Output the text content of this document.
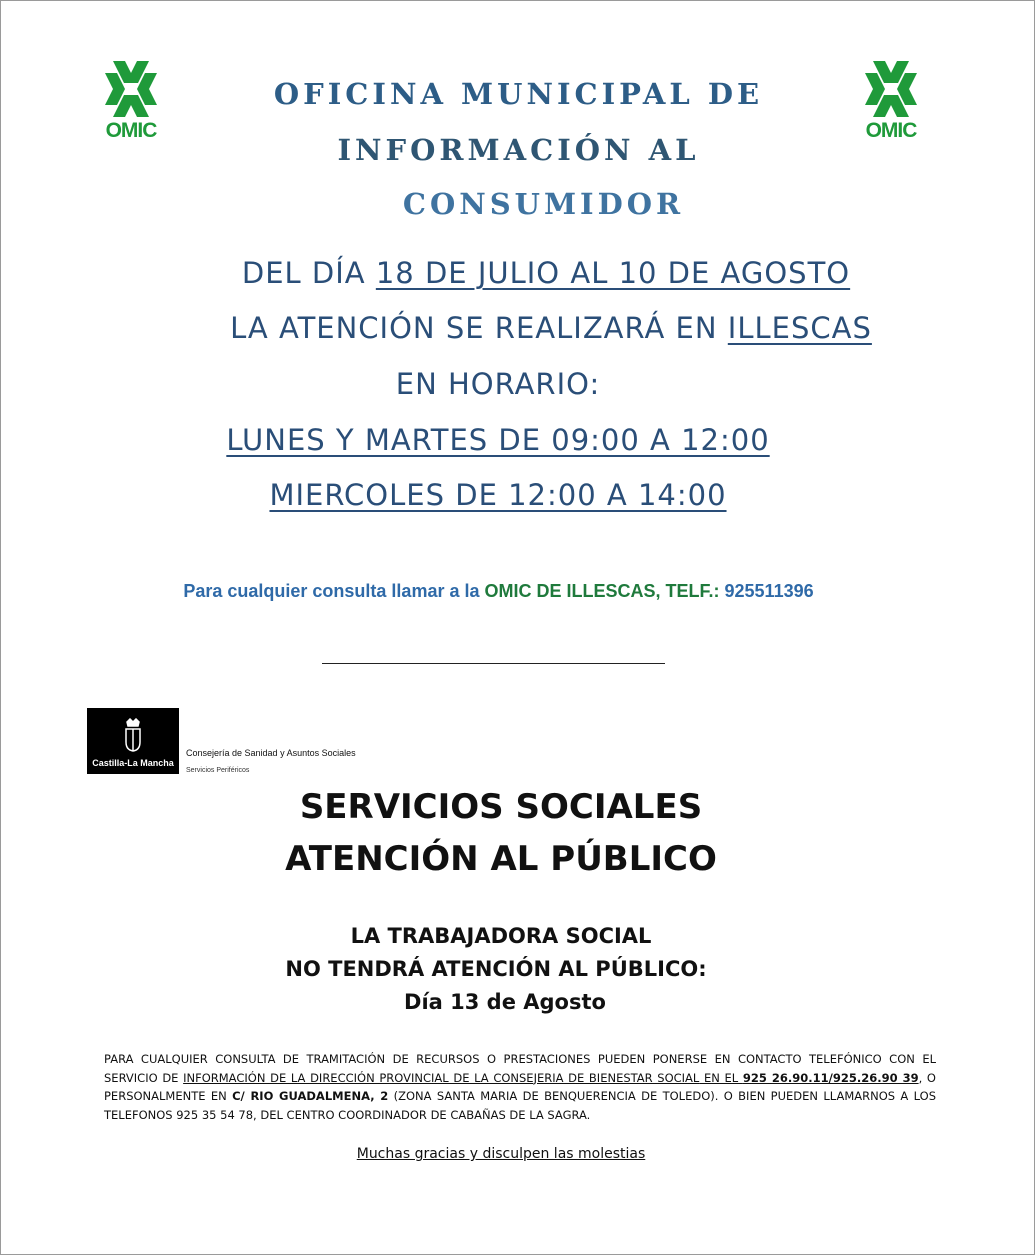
OMIC	OMIC
OFICINA MUNICIPAL DE
INFORMACIÓN AL
CONSUMIDOR
DEL DÍA 18 DE JULIO AL 10 DE AGOSTO
LA ATENCIÓN SE REALIZARÁ EN ILLESCAS
EN HORARIO:
LUNES Y MARTES DE 09:00 A 12:00
MIERCOLES DE 12:00 A 14:00
Para cualquier consulta llamar a la OMIC DE ILLESCAS, TELF.: 925511396
Castilla-La Mancha
Consejería de Sanidad y Asuntos Sociales
Servicios Periféricos
SERVICIOS SOCIALES
ATENCIÓN AL PÚBLICO
LA TRABAJADORA SOCIAL
NO TENDRÁ ATENCIÓN AL PÚBLICO:
Día 13 de Agosto
PARA CUALQUIER CONSULTA DE TRAMITACIÓN DE RECURSOS O PRESTACIONES PUEDEN PONERSE EN CONTACTO TELEFÓNICO CON EL SERVICIO DE INFORMACIÓN DE LA DIRECCIÓN PROVINCIAL DE LA CONSEJERIA DE BIENESTAR SOCIAL EN EL 925 26.90.11/925.26.90 39, O PERSONALMENTE EN C/ RIO GUADALMENA, 2 (ZONA SANTA MARIA DE BENQUERENCIA DE TOLEDO). O BIEN PUEDEN LLAMARNOS A LOS TELEFONOS 925 35 54 78, DEL CENTRO COORDINADOR DE CABAÑAS DE LA SAGRA.
Muchas gracias y disculpen las molestias
